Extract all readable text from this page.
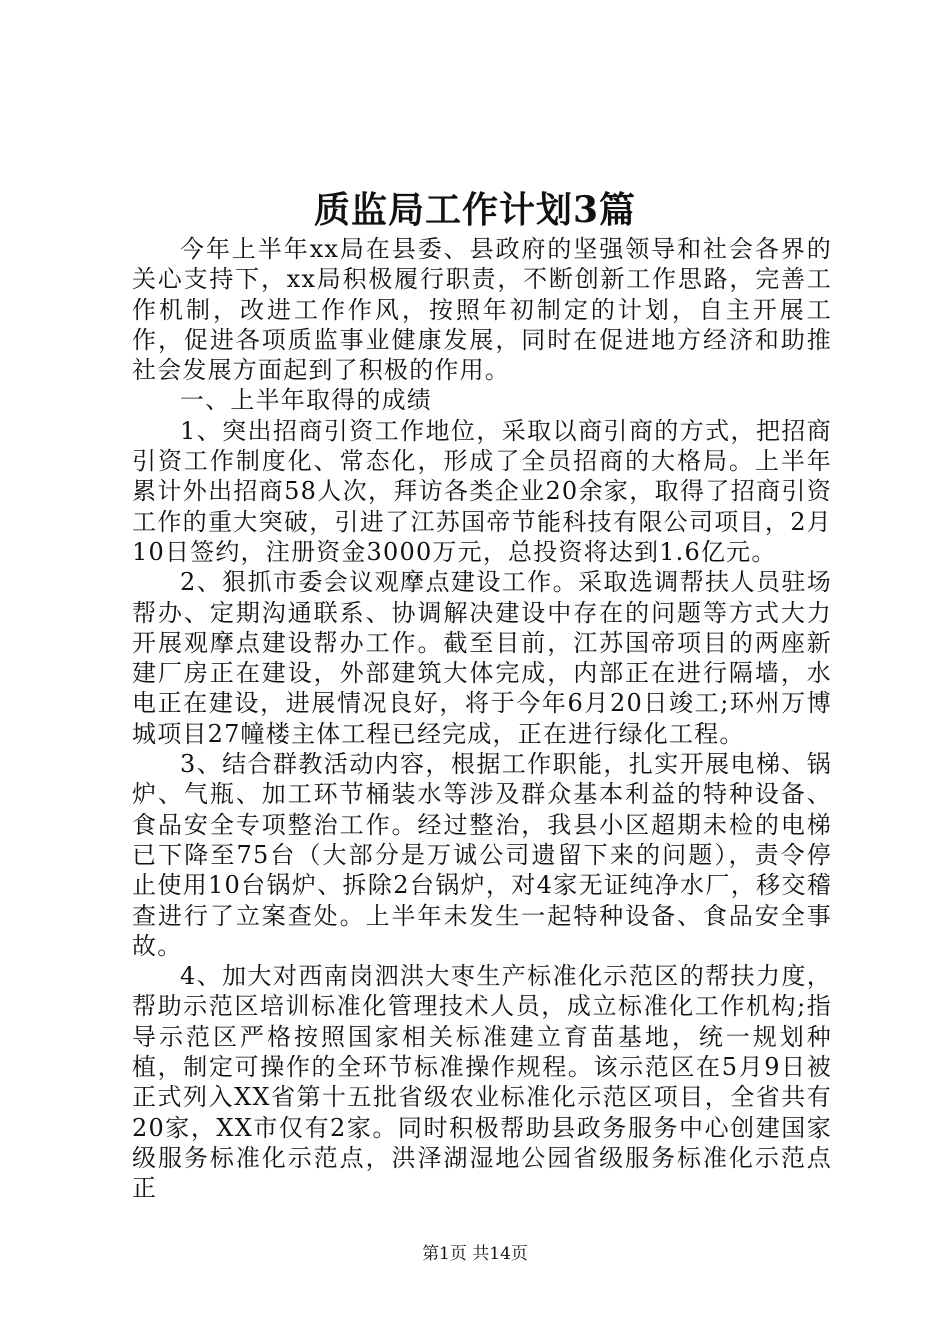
质监局工作计划3篇

今年上半年xx局在县委、县政府的坚强领导和社会各界的关心支持下，xx局积极履行职责，不断创新工作思路，完善工作机制，改进工作作风，按照年初制定的计划，自主开展工作，促进各项质监事业健康发展，同时在促进地方经济和助推社会发展方面起到了积极的作用。

一、上半年取得的成绩

1、突出招商引资工作地位，采取以商引商的方式，把招商引资工作制度化、常态化，形成了全员招商的大格局。上半年累计外出招商58人次，拜访各类企业20余家，取得了招商引资工作的重大突破，引进了江苏国帝节能科技有限公司项目，2月10日签约，注册资金3000万元，总投资将达到1.6亿元。

2、狠抓市委会议观摩点建设工作。采取选调帮扶人员驻场帮办、定期沟通联系、协调解决建设中存在的问题等方式大力开展观摩点建设帮办工作。截至目前，江苏国帝项目的两座新建厂房正在建设，外部建筑大体完成，内部正在进行隔墙，水电正在建设，进展情况良好，将于今年6月20日竣工;环州万博城项目27幢楼主体工程已经完成，正在进行绿化工程。

3、结合群教活动内容，根据工作职能，扎实开展电梯、锅炉、气瓶、加工环节桶装水等涉及群众基本利益的特种设备、食品安全专项整治工作。经过整治，我县小区超期未检的电梯已下降至75台（大部分是万诚公司遗留下来的问题），责令停止使用10台锅炉、拆除2台锅炉，对4家无证纯净水厂，移交稽查进行了立案查处。上半年未发生一起特种设备、食品安全事故。

4、加大对西南岗泗洪大枣生产标准化示范区的帮扶力度，帮助示范区培训标准化管理技术人员，成立标准化工作机构;指导示范区严格按照国家相关标准建立育苗基地，统一规划种植，制定可操作的全环节标准操作规程。该示范区在5月9日被正式列入XX省第十五批省级农业标准化示范区项目，全省共有20家，XX市仅有2家。同时积极帮助县政务服务中心创建国家级服务标准化示范点，洪泽湖湿地公园省级服务标准化示范点正

第1页 共14页
